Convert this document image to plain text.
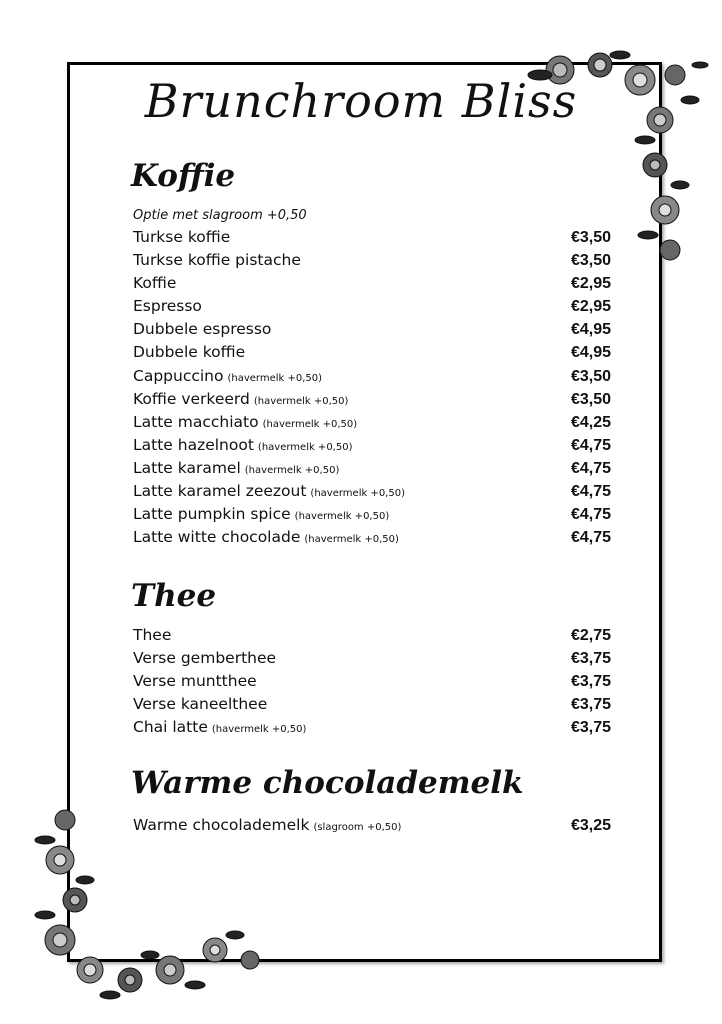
Brunchroom Bliss
Koffie
Optie met slagroom +0,50
Turkse koffie	€3,50
Turkse koffie pistache	€3,50
Koffie	€2,95
Espresso	€2,95
Dubbele espresso	€4,95
Dubbele koffie	€4,95
Cappuccino (havermelk +0,50)	€3,50
Koffie verkeerd (havermelk +0,50)	€3,50
Latte macchiato (havermelk +0,50)	€4,25
Latte hazelnoot (havermelk +0,50)	€4,75
Latte karamel (havermelk +0,50)	€4,75
Latte karamel zeezout (havermelk +0,50)	€4,75
Latte pumpkin spice (havermelk +0,50)	€4,75
Latte witte chocolade (havermelk +0,50)	€4,75
Thee
Thee	€2,75
Verse gemberthee	€3,75
Verse muntthee	€3,75
Verse kaneelthee	€3,75
Chai latte (havermelk +0,50)	€3,75
Warme chocolademelk
Warme chocolademelk (slagroom +0,50)	€3,25
